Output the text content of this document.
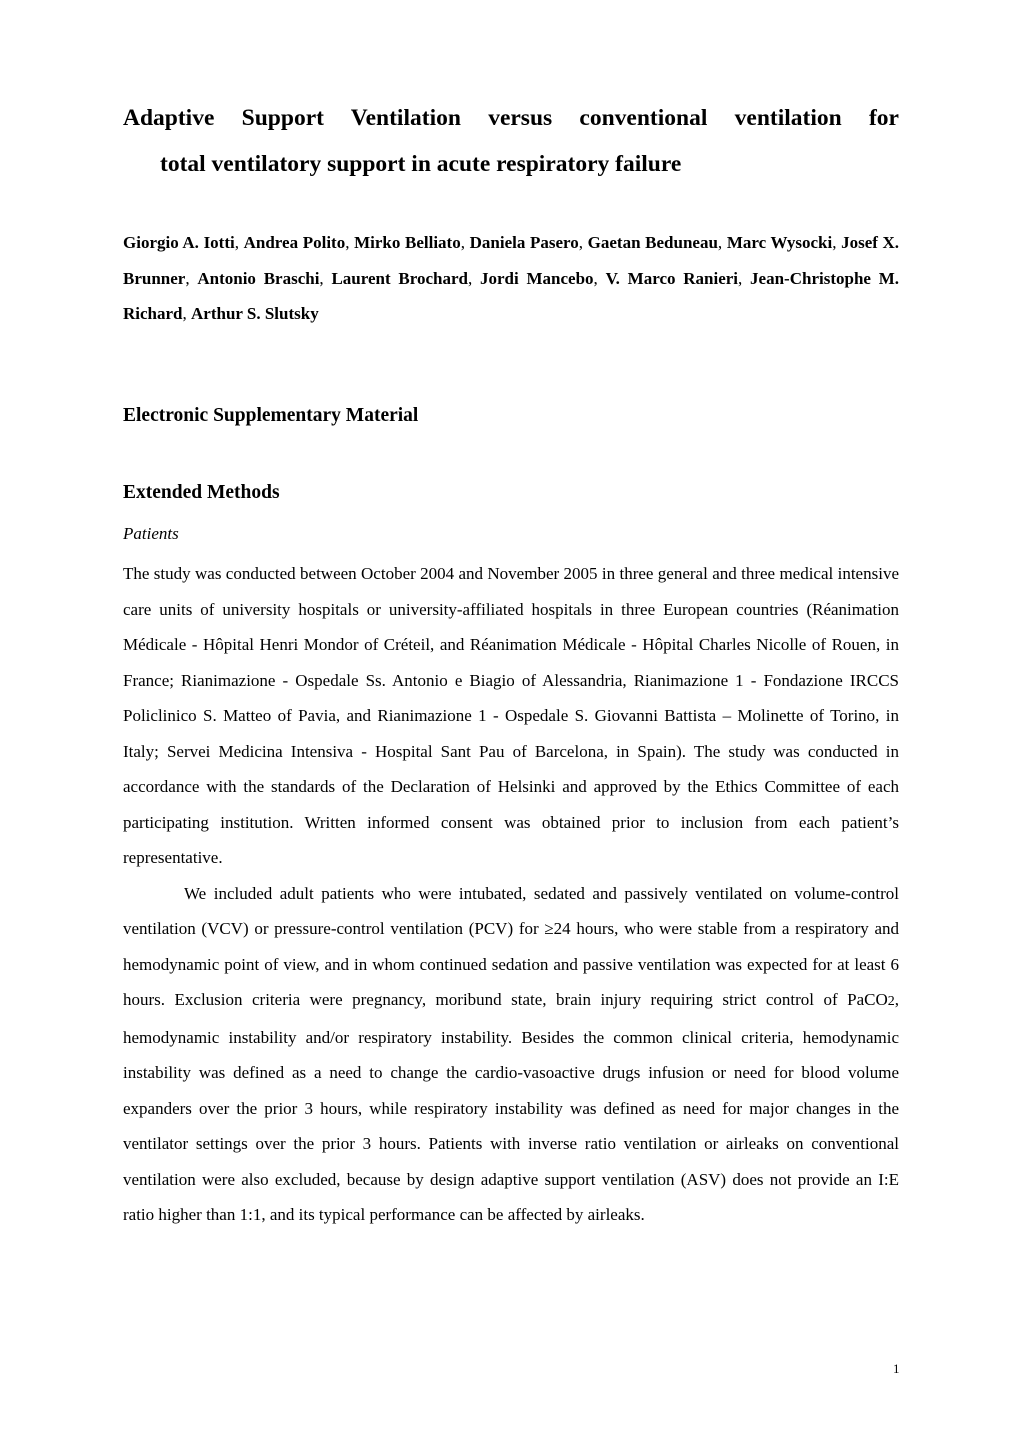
Adaptive Support Ventilation versus conventional ventilation for
total ventilatory support in acute respiratory failure
Giorgio A. Iotti, Andrea Polito, Mirko Belliato, Daniela Pasero, Gaetan Beduneau, Marc Wysocki, Josef X. Brunner, Antonio Braschi, Laurent Brochard, Jordi Mancebo, V. Marco Ranieri, Jean-Christophe M. Richard, Arthur S. Slutsky
Electronic Supplementary Material
Extended Methods
Patients

The study was conducted between October 2004 and November 2005 in three general and three medical intensive care units of university hospitals or university-affiliated hospitals in three European countries (Réanimation Médicale - Hôpital Henri Mondor of Créteil, and Réanimation Médicale - Hôpital Charles Nicolle of Rouen, in France; Rianimazione - Ospedale Ss. Antonio e Biagio of Alessandria, Rianimazione 1 - Fondazione IRCCS Policlinico S. Matteo of Pavia, and Rianimazione 1 - Ospedale S. Giovanni Battista – Molinette of Torino, in Italy; Servei Medicina Intensiva - Hospital Sant Pau of Barcelona, in Spain). The study was conducted in accordance with the standards of the Declaration of Helsinki and approved by the Ethics Committee of each participating institution. Written informed consent was obtained prior to inclusion from each patient’s representative.

We included adult patients who were intubated, sedated and passively ventilated on volume-control ventilation (VCV) or pressure-control ventilation (PCV) for ≥24 hours, who were stable from a respiratory and hemodynamic point of view, and in whom continued sedation and passive ventilation was expected for at least 6 hours. Exclusion criteria were pregnancy, moribund state, brain injury requiring strict control of PaCO2, hemodynamic instability and/or respiratory instability. Besides the common clinical criteria, hemodynamic instability was defined as a need to change the cardio-vasoactive drugs infusion or need for blood volume expanders over the prior 3 hours, while respiratory instability was defined as need for major changes in the ventilator settings over the prior 3 hours. Patients with inverse ratio ventilation or airleaks on conventional ventilation were also excluded, because by design adaptive support ventilation (ASV) does not provide an I:E ratio higher than 1:1, and its typical performance can be affected by airleaks.

1
